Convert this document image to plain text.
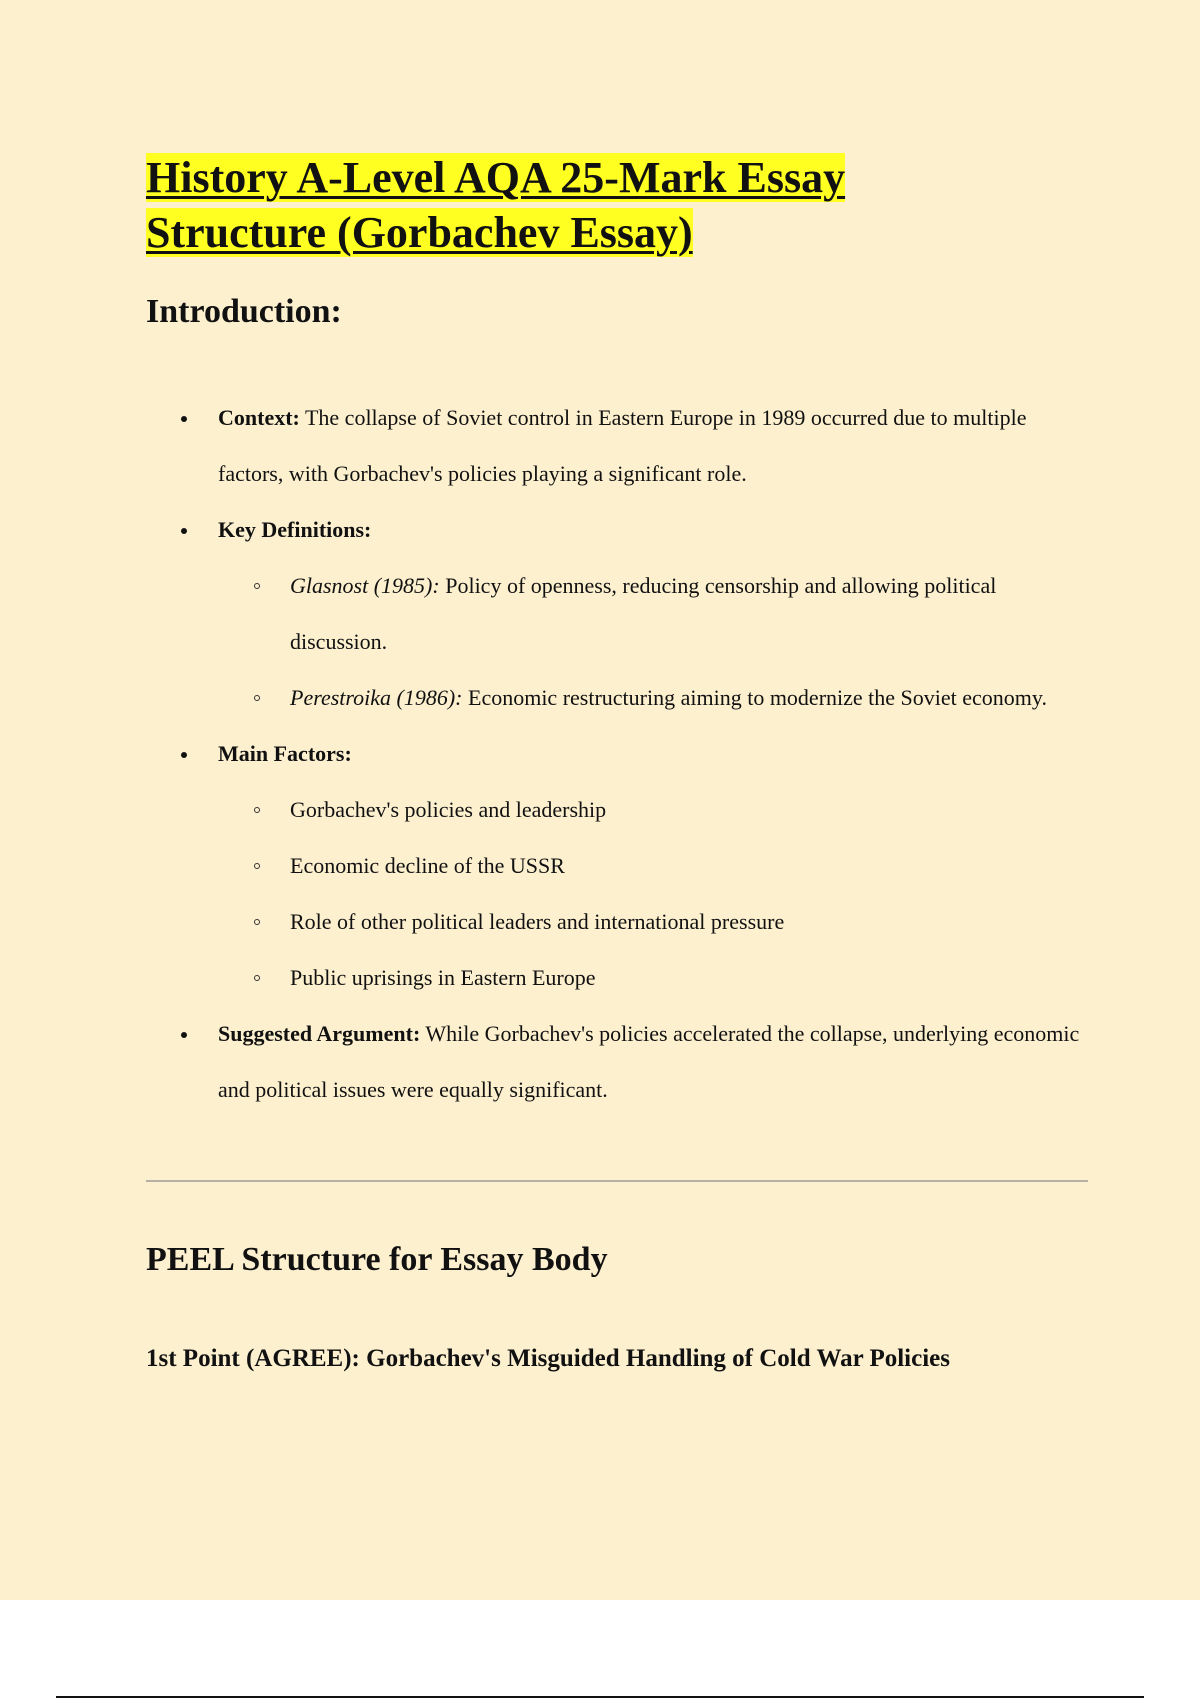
History A-Level AQA 25-Mark Essay
Structure (Gorbachev Essay)
Introduction:
Context: The collapse of Soviet control in Eastern Europe in 1989 occurred due to multiple factors, with Gorbachev's policies playing a significant role.
Key Definitions:
Glasnost (1985): Policy of openness, reducing censorship and allowing political discussion.
Perestroika (1986): Economic restructuring aiming to modernize the Soviet economy.
Main Factors:
Gorbachev's policies and leadership
Economic decline of the USSR
Role of other political leaders and international pressure
Public uprisings in Eastern Europe
Suggested Argument: While Gorbachev's policies accelerated the collapse, underlying economic and political issues were equally significant.
PEEL Structure for Essay Body
1st Point (AGREE): Gorbachev's Misguided Handling of Cold War Policies
